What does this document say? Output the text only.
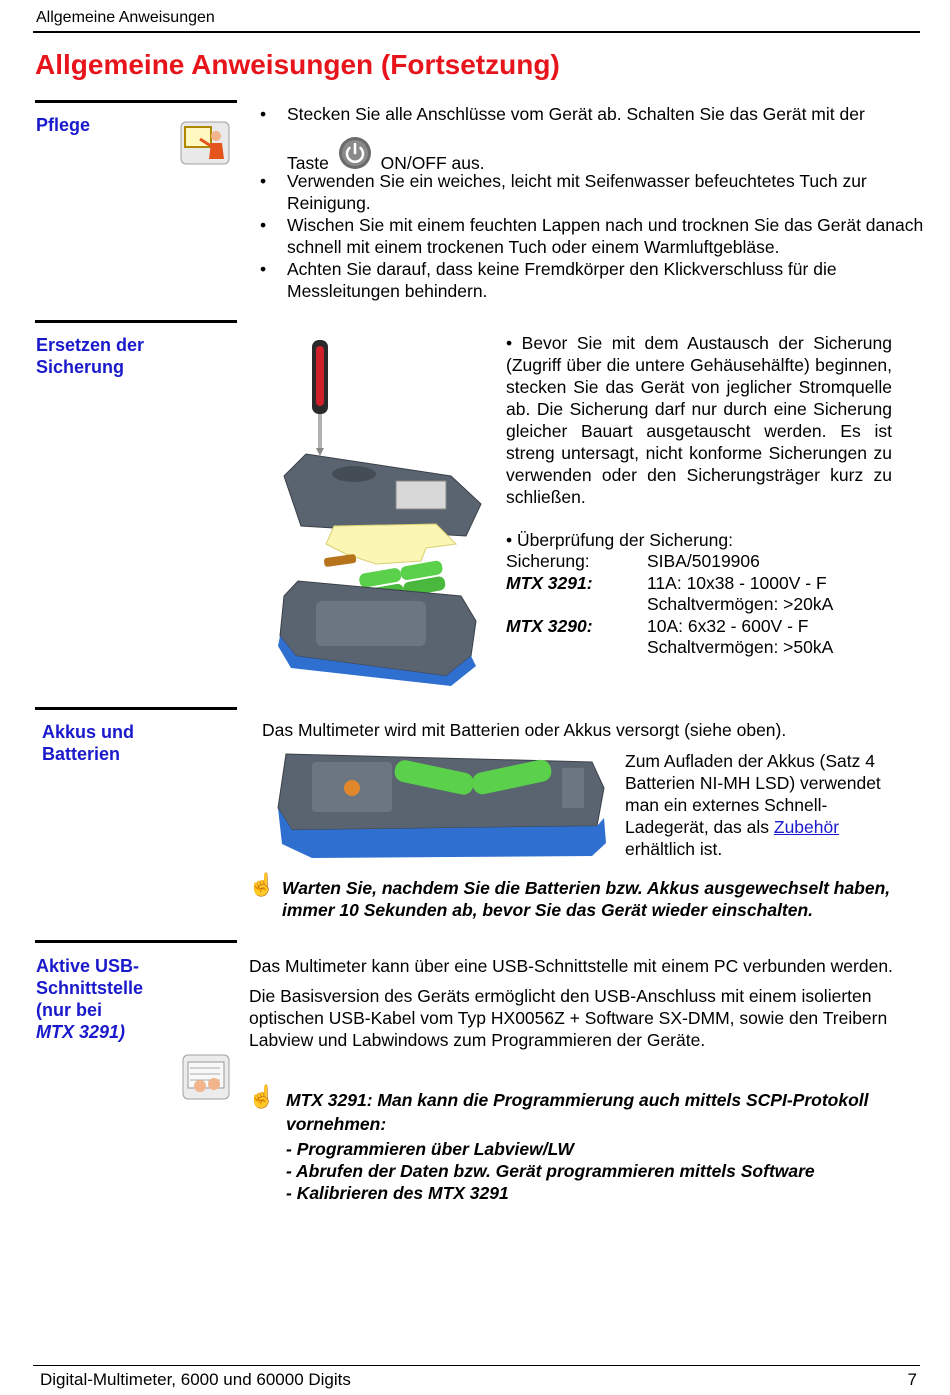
Allgemeine Anweisungen
Allgemeine Anweisungen (Fortsetzung)
Pflege
• Stecken Sie alle Anschlüsse vom Gerät ab. Schalten Sie das Gerät mit der
Taste	ON/OFF aus.
• Verwenden Sie ein weiches, leicht mit Seifenwasser befeuchtetes Tuch zur Reinigung.
• Wischen Sie mit einem feuchten Lappen nach und trocknen Sie das Gerät danach schnell mit einem trockenen Tuch oder einem Warmluftgebläse.
• Achten Sie darauf, dass keine Fremdkörper den Klickverschluss für die Messleitungen behindern.
Ersetzen der
Sicherung
• Bevor Sie mit dem Austausch der Sicherung (Zugriff über die untere Gehäusehälfte) beginnen, stecken Sie das Gerät von jeglicher Stromquelle ab. Die Sicherung darf nur durch eine Sicherung gleicher Bauart ausgetauscht werden. Es ist streng untersagt, nicht konforme Sicherungen zu verwenden oder den Sicherungsträger kurz zu schließen.
• Überprüfung der Sicherung:
Sicherung:	SIBA/5019906
MTX 3291:	11A: 10x38 - 1000V - F
	Schaltvermögen: >20kA
MTX 3290:	10A: 6x32 - 600V - F
	Schaltvermögen: >50kA
Akkus und
Batterien
Das Multimeter wird mit Batterien oder Akkus versorgt (siehe oben).
Zum Aufladen der Akkus (Satz 4 Batterien NI-MH LSD) verwendet man ein externes Schnell-Ladegerät, das als Zubehör erhältlich ist.
☝ Warten Sie, nachdem Sie die Batterien bzw. Akkus ausgewechselt haben, immer 10 Sekunden ab, bevor Sie das Gerät wieder einschalten.
Aktive USB-
Schnittstelle
(nur bei
MTX 3291)
Das Multimeter kann über eine USB-Schnittstelle mit einem PC verbunden werden.
Die Basisversion des Geräts ermöglicht den USB-Anschluss mit einem isolierten optischen USB-Kabel vom Typ HX0056Z + Software SX-DMM, sowie den Treibern Labview und Labwindows zum Programmieren der Geräte.
☝ MTX 3291: Man kann die Programmierung auch mittels SCPI-Protokoll vornehmen:
- Programmieren über Labview/LW
- Abrufen der Daten bzw. Gerät programmieren mittels Software
- Kalibrieren des MTX 3291
Digital-Multimeter, 6000 und 60000 Digits	7
